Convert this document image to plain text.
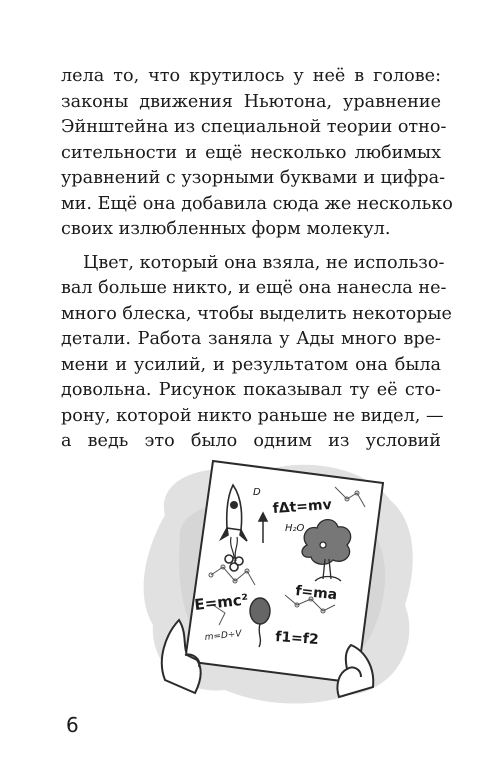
лела то, что крутилось у неё в голове:
законы движения Ньютона, уравнение
Эйнштейна из специальной теории отно-
сительности и ещё несколько любимых
уравнений с узорными буквами и цифра-
ми. Ещё она добавила сюда же несколько
своих излюбленных форм молекул.
Цвет, который она взяла, не использо-
вал больше никто, и ещё она нанесла не-
много блеска, чтобы выделить некоторые
детали. Работа заняла у Ады много вре-
мени и усилий, и результатом она была
довольна. Рисунок показывал ту её сто-
рону, которой никто раньше не видел, —
а ведь это было одним из условий
fΔt=mv
E=mc²	f=ma
f1=f2
H₂O
m=D÷V
D
6
